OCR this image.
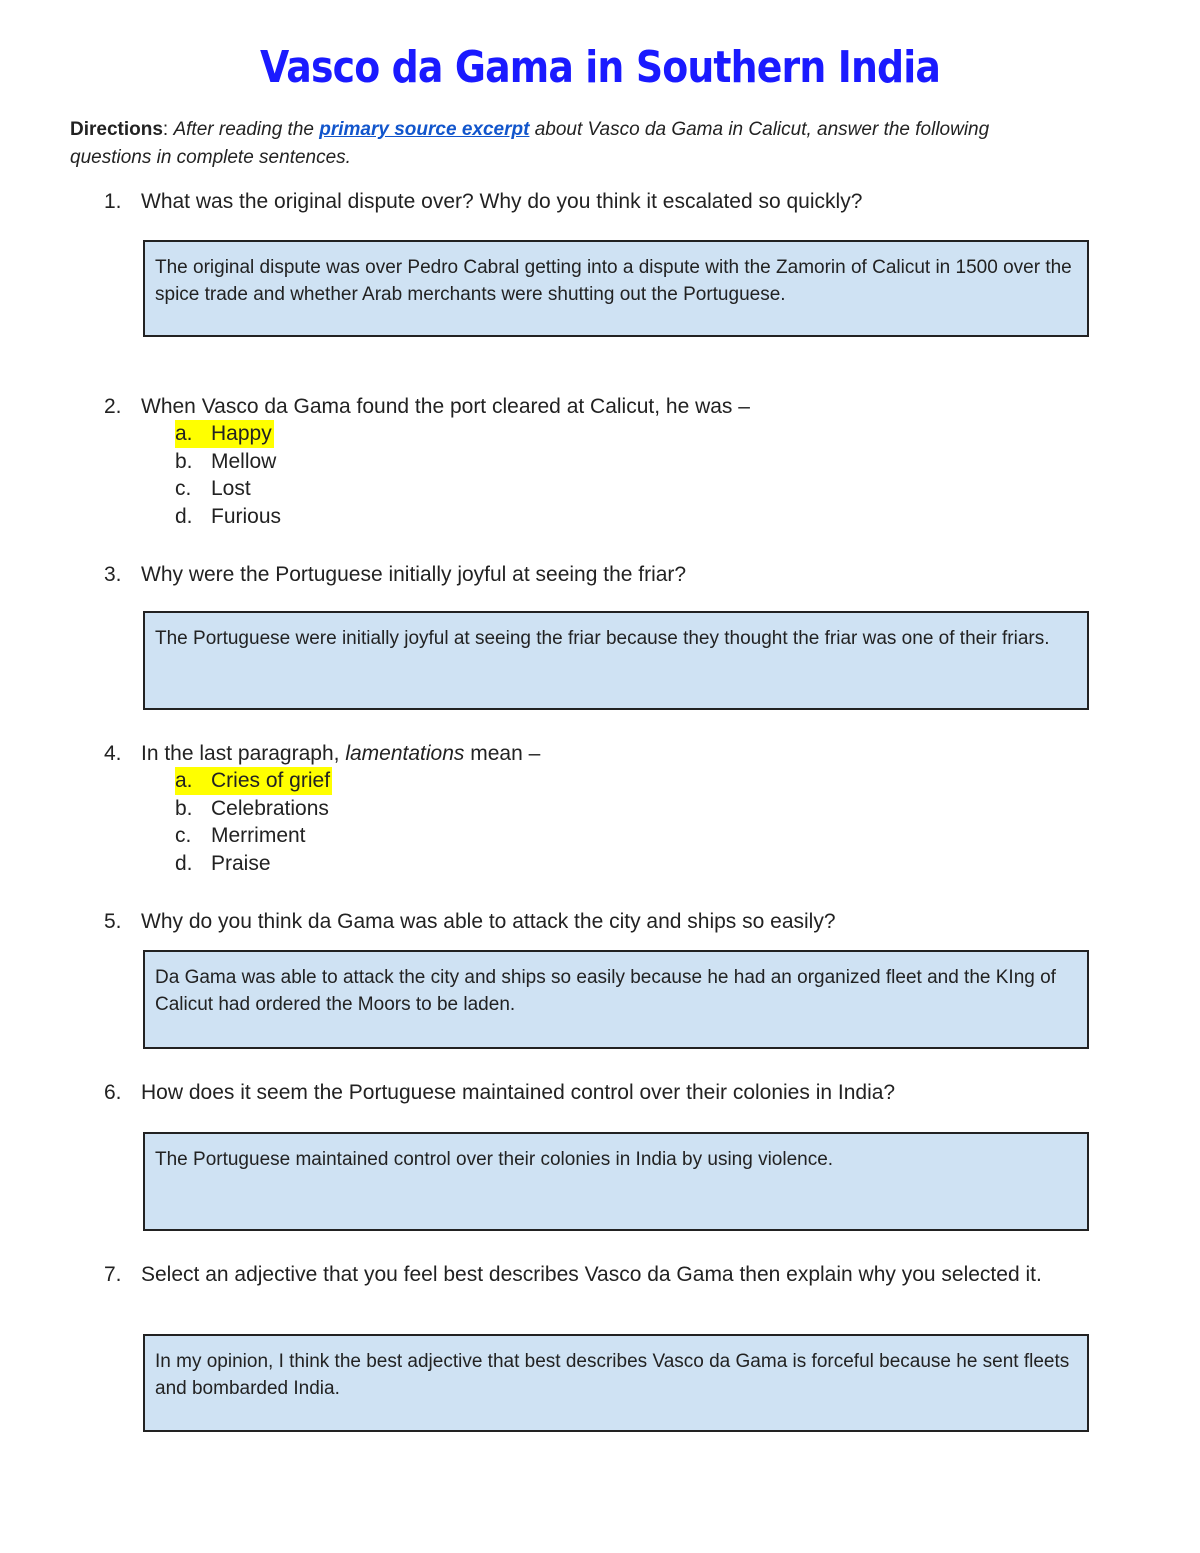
Vasco da Gama in Southern India
Directions: After reading the primary source excerpt about Vasco da Gama in Calicut, answer the following questions in complete sentences.
1. What was the original dispute over? Why do you think it escalated so quickly?
The original dispute was over Pedro Cabral getting into a dispute with the Zamorin of Calicut in 1500 over the spice trade and whether Arab merchants were shutting out the Portuguese.
2. When Vasco da Gama found the port cleared at Calicut, he was –
a. Happy
b. Mellow
c. Lost
d. Furious
3. Why were the Portuguese initially joyful at seeing the friar?
The Portuguese were initially joyful at seeing the friar because they thought the friar was one of their friars.
4. In the last paragraph, lamentations mean –
a. Cries of grief
b. Celebrations
c. Merriment
d. Praise
5. Why do you think da Gama was able to attack the city and ships so easily?
Da Gama was able to attack the city and ships so easily because he had an organized fleet and the KIng of Calicut had ordered the Moors to be laden.
6. How does it seem the Portuguese maintained control over their colonies in India?
The Portuguese maintained control over their colonies in India by using violence.
7. Select an adjective that you feel best describes Vasco da Gama then explain why you selected it.
In my opinion, I think the best adjective that best describes Vasco da Gama is forceful because he sent fleets and bombarded India.
